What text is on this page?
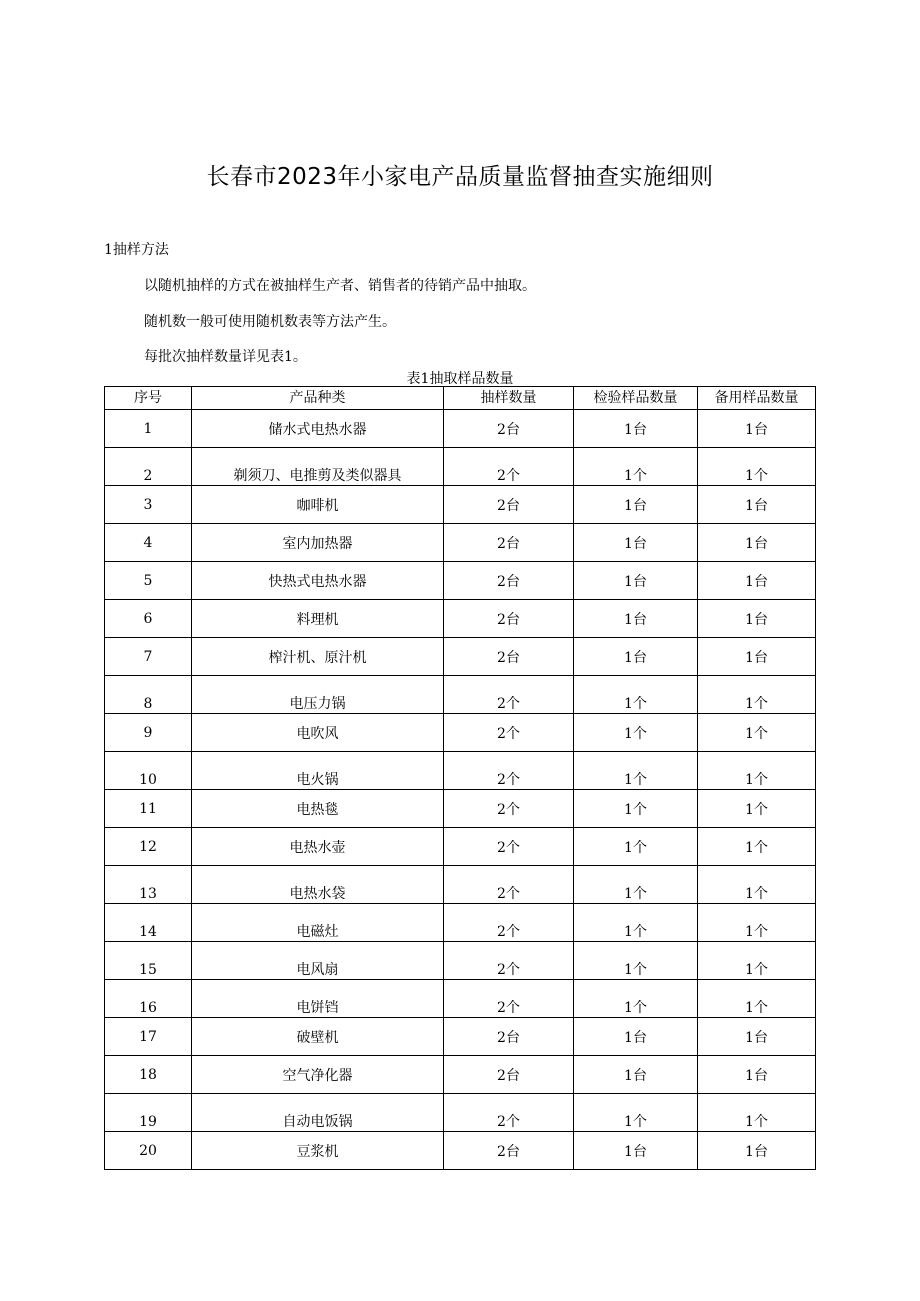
长春市2023年小家电产品质量监督抽查实施细则
1抽样方法
以随机抽样的方式在被抽样生产者、销售者的待销产品中抽取。
随机数一般可使用随机数表等方法产生。
每批次抽样数量详见表1。
表1抽取样品数量
序号	产品种类	抽样数量	检验样品数量	备用样品数量
1	储水式电热水器	2台	1台	1台
2	剃须刀、电推剪及类似器具	2个	1个	1个
3	咖啡机	2台	1台	1台
4	室内加热器	2台	1台	1台
5	快热式电热水器	2台	1台	1台
6	料理机	2台	1台	1台
7	榨汁机、原汁机	2台	1台	1台
8	电压力锅	2个	1个	1个
9	电吹风	2个	1个	1个
10	电火锅	2个	1个	1个
11	电热毯	2个	1个	1个
12	电热水壶	2个	1个	1个
13	电热水袋	2个	1个	1个
14	电磁灶	2个	1个	1个
15	电风扇	2个	1个	1个
16	电饼铛	2个	1个	1个
17	破壁机	2台	1台	1台
18	空气净化器	2台	1台	1台
19	自动电饭锅	2个	1个	1个
20	豆浆机	2台	1台	1台
